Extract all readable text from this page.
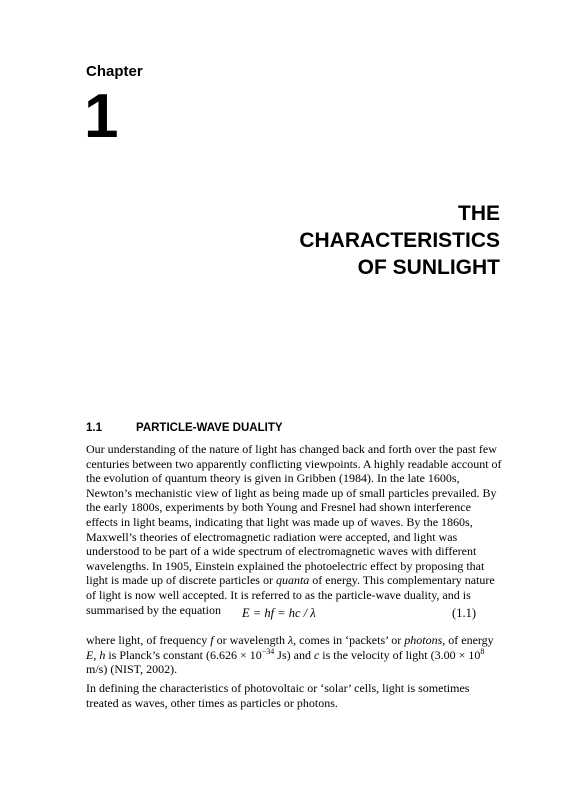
Chapter
1
THE
CHARACTERISTICS
OF SUNLIGHT
1.1	PARTICLE-WAVE DUALITY
Our understanding of the nature of light has changed back and forth over the past few centuries between two apparently conflicting viewpoints. A highly readable account of the evolution of quantum theory is given in Gribben (1984). In the late 1600s, Newton’s mechanistic view of light as being made up of small particles prevailed. By the early 1800s, experiments by both Young and Fresnel had shown interference effects in light beams, indicating that light was made up of waves. By the 1860s, Maxwell’s theories of electromagnetic radiation were accepted, and light was understood to be part of a wide spectrum of electromagnetic waves with different wavelengths. In 1905, Einstein explained the photoelectric effect by proposing that light is made up of discrete particles or quanta of energy. This complementary nature of light is now well accepted. It is referred to as the particle-wave duality, and is summarised by the equation	E = hf = hc / λ	(1.1)
where light, of frequency f or wavelength λ, comes in ‘packets’ or photons, of energy E, h is Planck’s constant ($6.626 \times 10^{-34}$ Js) and c is the velocity of light ($3.00 \times 10^8$ m/s) (NIST, 2002).
In defining the characteristics of photovoltaic or ‘solar’ cells, light is sometimes treated as waves, other times as particles or photons.
